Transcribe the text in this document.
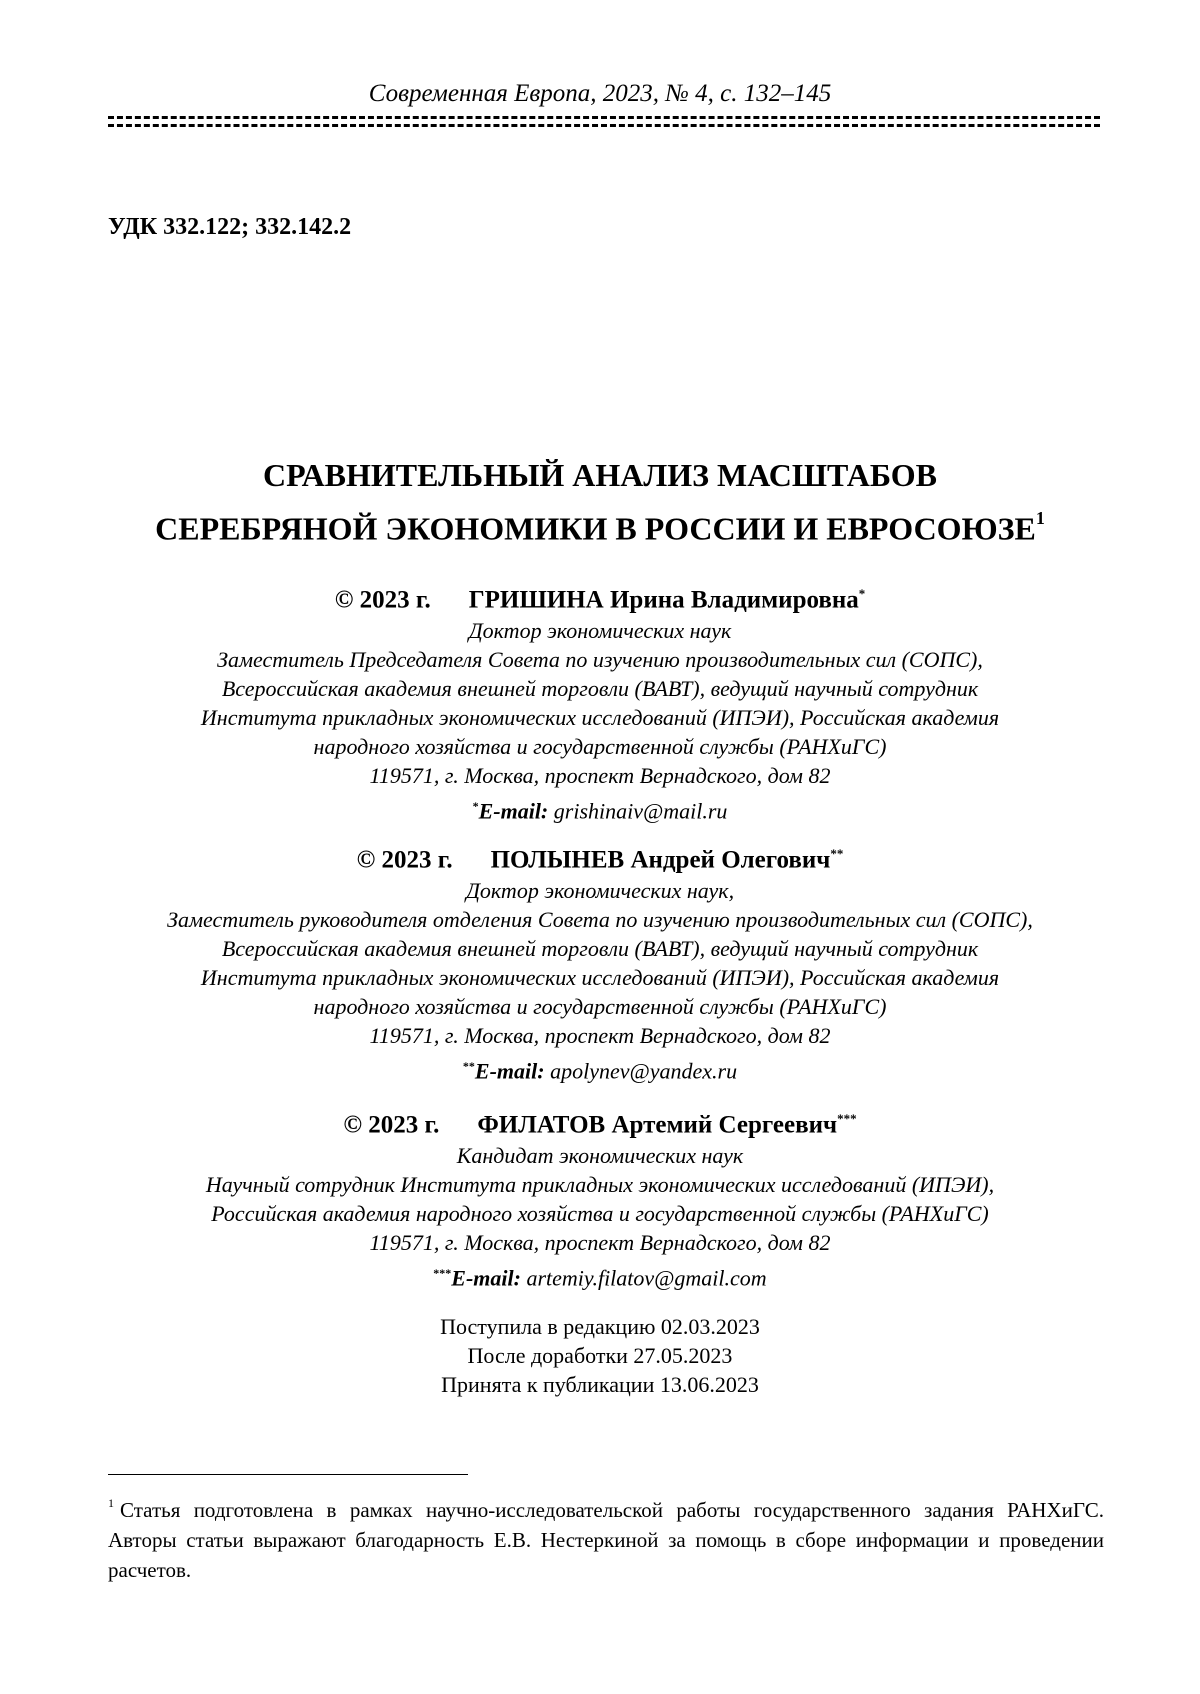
Современная Европа, 2023, № 4, с. 132–145
УДК 332.122; 332.142.2
СРАВНИТЕЛЬНЫЙ АНАЛИЗ МАСШТАБОВ
СЕРЕБРЯНОЙ ЭКОНОМИКИ В РОССИИ И ЕВРОСОЮЗЕ$^1$
© 2023 г. ГРИШИНА Ирина Владимировна*
Доктор экономических наук
Заместитель Председателя Совета по изучению производительных сил (СОПС),
Всероссийская академия внешней торговли (ВАВТ), ведущий научный сотрудник
Института прикладных экономических исследований (ИПЭИ), Российская академия
народного хозяйства и государственной службы (РАНХиГС)
119571, г. Москва, проспект Вернадского, дом 82
*E-mail: grishinaiv@mail.ru
© 2023 г. ПОЛЫНЕВ Андрей Олегович**
Доктор экономических наук,
Заместитель руководителя отделения Совета по изучению производительных сил (СОПС),
Всероссийская академия внешней торговли (ВАВТ), ведущий научный сотрудник
Института прикладных экономических исследований (ИПЭИ), Российская академия
народного хозяйства и государственной службы (РАНХиГС)
119571, г. Москва, проспект Вернадского, дом 82
**E-mail: apolynev@yandex.ru
© 2023 г. ФИЛАТОВ Артемий Сергеевич***
Кандидат экономических наук
Научный сотрудник Института прикладных экономических исследований (ИПЭИ),
Российская академия народного хозяйства и государственной службы (РАНХиГС)
119571, г. Москва, проспект Вернадского, дом 82
***E-mail: artemiy.filatov@gmail.com
Поступила в редакцию 02.03.2023
После доработки 27.05.2023
Принята к публикации 13.06.2023
$^1$ Статья подготовлена в рамках научно-исследовательской работы государственного задания РАНХиГС. Авторы статьи выражают благодарность Е.В. Нестеркиной за помощь в сборе информации и проведении расчетов.
